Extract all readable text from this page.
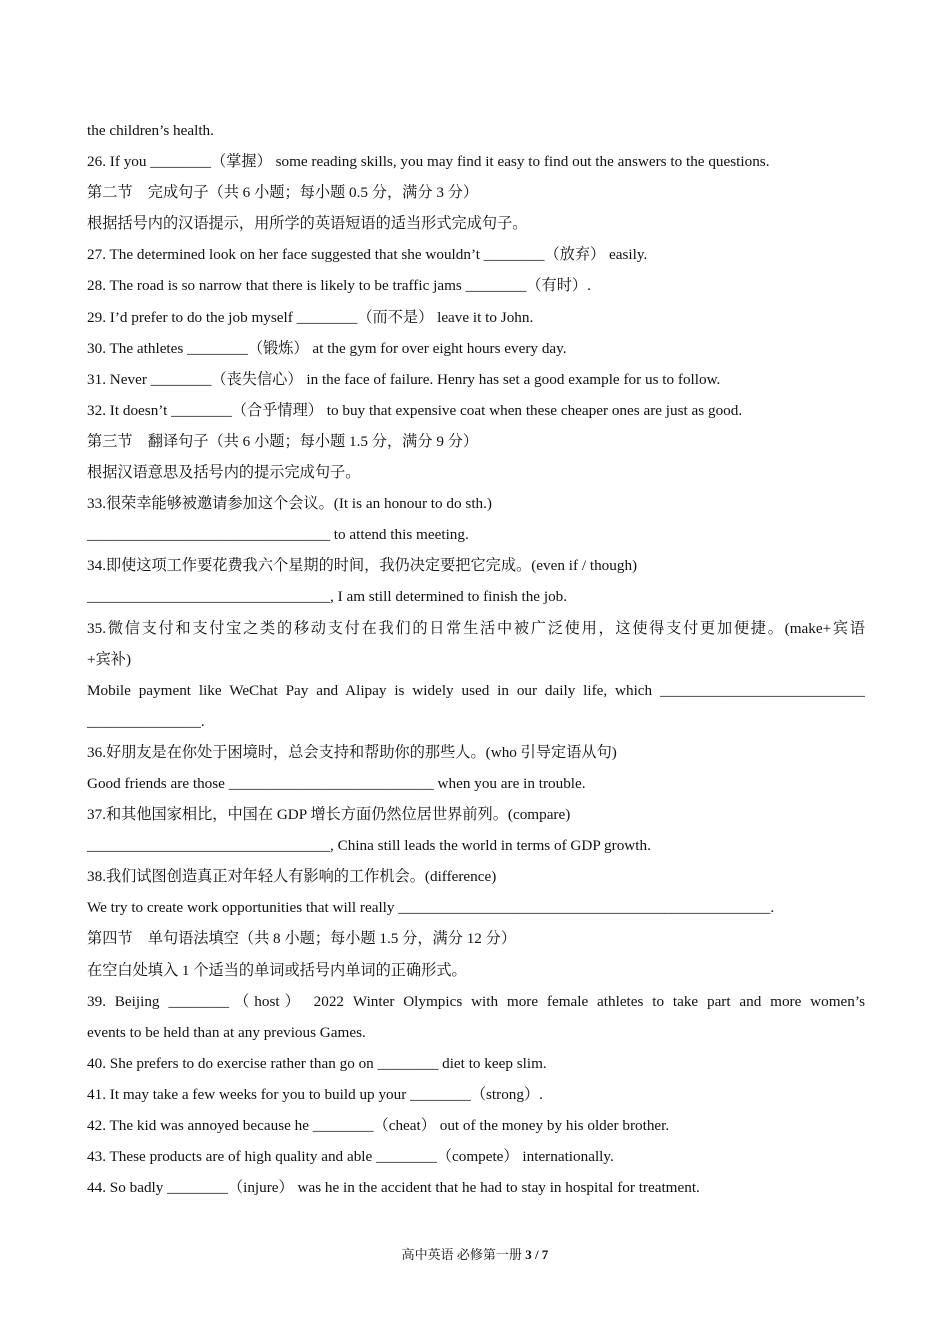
the children’s health.
26. If you ________（掌握） some reading skills, you may find it easy to find out the answers to the questions.
第二节　完成句子（共 6 小题；每小题 0.5 分，满分 3 分）
根据括号内的汉语提示，用所学的英语短语的适当形式完成句子。
27. The determined look on her face suggested that she wouldn’t ________（放弃） easily.
28. The road is so narrow that there is likely to be traffic jams ________（有时）.
29. I’d prefer to do the job myself ________（而不是） leave it to John.
30. The athletes ________（锻炼） at the gym for over eight hours every day.
31. Never ________（丧失信心） in the face of failure. Henry has set a good example for us to follow.
32. It doesn’t ________（合乎情理） to buy that expensive coat when these cheaper ones are just as good.
第三节　翻译句子（共 6 小题；每小题 1.5 分，满分 9 分）
根据汉语意思及括号内的提示完成句子。
33.很荣幸能够被邀请参加这个会议。(It is an honour to do sth.)
________________________________ to attend this meeting.
34.即使这项工作要花费我六个星期的时间，我仍决定要把它完成。(even if / though)
________________________________, I am still determined to finish the job.
35.微信支付和支付宝之类的移动支付在我们的日常生活中被广泛使用，这使得支付更加便捷。(make+宾语
+宾补)
Mobile payment like WeChat Pay and Alipay is widely used in our daily life, which ___________________________
_______________.
36.好朋友是在你处于困境时，总会支持和帮助你的那些人。(who 引导定语从句)
Good friends are those ___________________________ when you are in trouble.
37.和其他国家相比，中国在 GDP 增长方面仍然位居世界前列。(compare)
________________________________, China still leads the world in terms of GDP growth.
38.我们试图创造真正对年轻人有影响的工作机会。(difference)
We try to create work opportunities that will really _________________________________________________.
第四节　单句语法填空（共 8 小题；每小题 1.5 分，满分 12 分）
在空白处填入 1 个适当的单词或括号内单词的正确形式。
39. Beijing ________（host） 2022 Winter Olympics with more female athletes to take part and more women’s
events to be held than at any previous Games.
40. She prefers to do exercise rather than go on ________ diet to keep slim.
41. It may take a few weeks for you to build up your ________（strong）.
42. The kid was annoyed because he ________（cheat） out of the money by his older brother.
43. These products are of high quality and able ________（compete） internationally.
44. So badly ________（injure） was he in the accident that he had to stay in hospital for treatment.
高中英语 必修第一册 3 / 7
